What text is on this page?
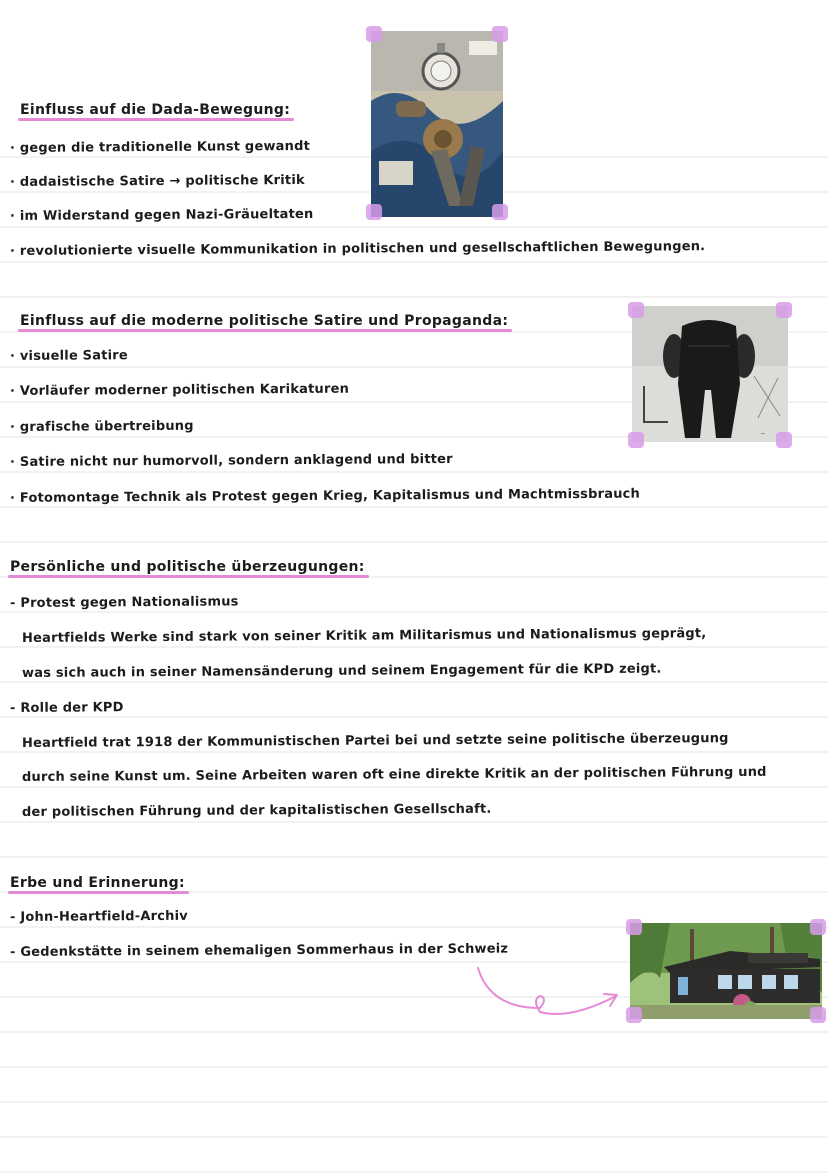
Einfluss auf die Dada-Bewegung:
· gegen die traditionelle Kunst gewandt
· dadaistische Satire → politische Kritik
· im Widerstand gegen Nazi-Gräueltaten
· revolutionierte visuelle Kommunikation in politischen und gesellschaftlichen Bewegungen.
Einfluss auf die moderne politische Satire und Propaganda:
· visuelle Satire
· Vorläufer moderner politischen Karikaturen
· grafische übertreibung
· Satire nicht nur humorvoll, sondern anklagend und bitter
· Fotomontage Technik als Protest gegen Krieg, Kapitalismus und Machtmissbrauch
~
Persönliche und politische überzeugungen:
- Protest gegen Nationalismus
Heartfields Werke sind stark von seiner Kritik am Militarismus und Nationalismus geprägt,
was sich auch in seiner Namensänderung und seinem Engagement für die KPD zeigt.
- Rolle der KPD
Heartfield trat 1918 der Kommunistischen Partei bei und setzte seine politische überzeugung
durch seine Kunst um. Seine Arbeiten waren oft eine direkte Kritik an der politischen Führung und
der politischen Führung und der kapitalistischen Gesellschaft.
Erbe und Erinnerung:
- John-Heartfield-Archiv
- Gedenkstätte in seinem ehemaligen Sommerhaus in der Schweiz
